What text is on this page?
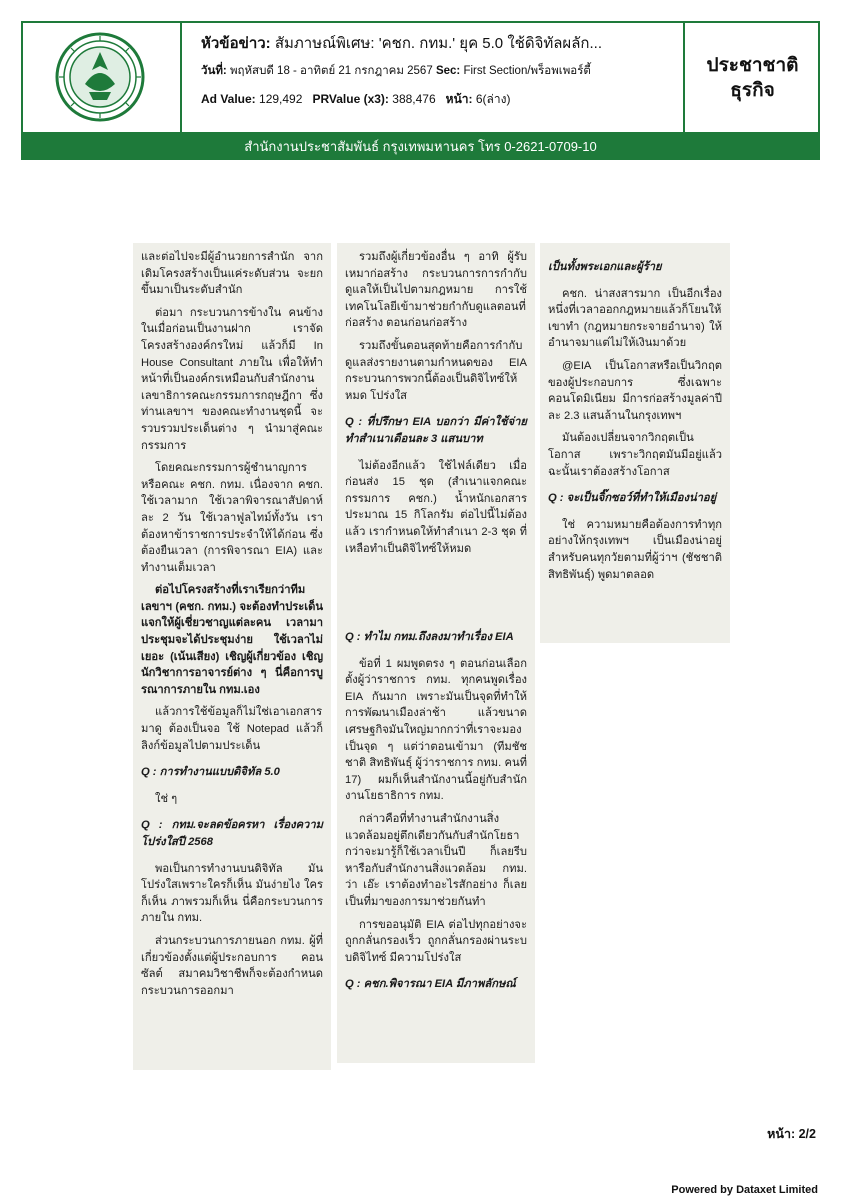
หัวข้อข่าว: สัมภาษณ์พิเศษ: 'คชก. กทม.' ยุค 5.0 ใช้ดิจิทัลผลัก...
วันที่: พฤหัสบดี 18 - อาทิตย์ 21 กรกฎาคม 2567 Sec: First Section/พร็อพเพอร์ตี้
Ad Value: 129,492 PRValue (x3): 388,476 หน้า: 6(ล่าง)
ประชาชาติ
ธุรกิจ
สำนักงานประชาสัมพันธ์ กรุงเทพมหานคร โทร 0-2621-0709-10

และต่อไปจะมีผู้อำนวยการสำนัก จากเดิมโครงสร้างเป็นแค่ระดับส่วน จะยกขึ้นมาเป็นระดับสำนัก

ต่อมา กระบวนการข้างใน คนข้างในเมื่อก่อนเป็นงานฝาก เราจัดโครงสร้างองค์กรใหม่ แล้วก็มี In House Consultant ภายใน เพื่อให้ทำหน้าที่เป็นองค์กรเหมือนกับสำนักงานเลขาธิการคณะกรรมการกฤษฎีกา ซึ่งท่านเลขาฯ ของคณะทำงานชุดนี้ จะรวบรวมประเด็นต่าง ๆ นำมาสู่คณะกรรมการ

โดยคณะกรรมการผู้ชำนาญการ หรือคณะ คชก. กทม. เนื่องจาก คชก. ใช้เวลามาก ใช้เวลาพิจารณาสัปดาห์ละ 2 วัน ใช้เวลาฟูลไทม์ทั้งวัน เราต้องหาข้าราชการประจำให้ได้ก่อน ซึ่งต้องยืนเวลา (การพิจารณา EIA) และทำงานเต็มเวลา

ต่อไปโครงสร้างที่เราเรียกว่าทีมเลขาฯ (คชก. กทม.) จะต้องทำประเด็นแจกให้ผู้เชี่ยวชาญแต่ละคน เวลามาประชุมจะได้ประชุมง่าย ใช้เวลาไม่เยอะ (เน้นเสียง) เชิญผู้เกี่ยวข้อง เชิญนักวิชาการอาจารย์ต่าง ๆ นี่คือการบูรณาการภายใน กทม.เอง

แล้วการใช้ข้อมูลก็ไม่ใช่เอาเอกสารมาดู ต้องเป็นจอ ใช้ Notepad แล้วก็ลิงก์ข้อมูลไปตามประเด็น

Q : การทำงานแบบดิจิทัล 5.0

ใช่ ๆ

Q : กทม.จะลดข้อครหา เรื่องความโปร่งใสปี 2568

พอเป็นการทำงานบนดิจิทัล มันโปร่งใสเพราะใครก็เห็น มันง่ายไง ใครก็เห็น ภาพรวมก็เห็น นี่คือกระบวนการภายใน กทม.

ส่วนกระบวนการภายนอก กทม. ผู้ที่เกี่ยวข้องตั้งแต่ผู้ประกอบการ คอนซัลต์ สมาคมวิชาชีพก็จะต้องกำหนดกระบวนการออกมา

รวมถึงผู้เกี่ยวข้องอื่น ๆ อาทิ ผู้รับเหมาก่อสร้าง กระบวนการการกำกับดูแลให้เป็นไปตามกฎหมาย การใช้เทคโนโลยีเข้ามาช่วยกำกับดูแลตอนที่ก่อสร้าง ตอนก่อนก่อสร้าง

รวมถึงขั้นตอนสุดท้ายคือการกำกับดูแลส่งรายงานตามกำหนดของ EIA กระบวนการพวกนี้ต้องเป็นดิจิไทซ์ให้หมด โปร่งใส

Q : ที่ปรึกษา EIA บอกว่า มีค่าใช้จ่ายทำสำเนาเดือนละ 3 แสนบาท

ไม่ต้องอีกแล้ว ใช้ไฟล์เดียว เมื่อก่อนส่ง 15 ชุด (สำเนาแจกคณะกรรมการ คชก.) น้ำหนักเอกสารประมาณ 15 กิโลกรัม ต่อไปนี้ไม่ต้องแล้ว เรากำหนดให้ทำสำเนา 2-3 ชุด ที่เหลือทำเป็นดิจิไทซ์ให้หมด

Q : ทำไม กทม.ถึงลงมาทำเรื่อง EIA

ข้อที่ 1 ผมพูดตรง ๆ ตอนก่อนเลือกตั้งผู้ว่าราชการ กทม. ทุกคนพูดเรื่อง EIA กันมาก เพราะมันเป็นจุดที่ทำให้การพัฒนาเมืองล่าช้า แล้วขนาดเศรษฐกิจมันใหญ่มากกว่าที่เราจะมองเป็นจุด ๆ แต่ว่าตอนเข้ามา (ทีมชัชชาติ สิทธิพันธุ์ ผู้ว่าราชการ กทม. คนที่ 17) ผมก็เห็นสำนักงานนี้อยู่กับสำนักงานโยธาธิการ กทม.

กล่าวคือที่ทำงานสำนักงานสิ่งแวดล้อมอยู่ตึกเดียวกันกับสำนักโยธา กว่าจะมารู้ก็ใช้เวลาเป็นปี ก็เลยรีบหารือกับสำนักงานสิ่งแวดล้อม กทม. ว่า เอ๊ะ เราต้องทำอะไรสักอย่าง ก็เลยเป็นที่มาของการมาช่วยกันทำ

การขออนุมัติ EIA ต่อไปทุกอย่างจะถูกกลั่นกรองเร็ว ถูกกลั่นกรองผ่านระบบดิจิไทซ์ มีความโปร่งใส

Q : คชก.พิจารณา EIA มีภาพลักษณ์

เป็นทั้งพระเอกและผู้ร้าย

คชก. น่าสงสารมาก เป็นอีกเรื่องหนึ่งที่เวลาออกกฎหมายแล้วก็โยนให้เขาทำ (กฎหมายกระจายอำนาจ) ให้อำนาจมาแต่ไม่ให้เงินมาด้วย

@EIA เป็นโอกาสหรือเป็นวิกฤตของผู้ประกอบการ ซึ่งเฉพาะคอนโดมิเนียม มีการก่อสร้างมูลค่าปีละ 2.3 แสนล้านในกรุงเทพฯ

มันต้องเปลี่ยนจากวิกฤตเป็นโอกาส เพราะวิกฤตมันมีอยู่แล้ว ฉะนั้นเราต้องสร้างโอกาส

Q : จะเป็นจิ๊กซอว์ที่ทำให้เมืองน่าอยู่

ใช่ ความหมายคือต้องการทำทุกอย่างให้กรุงเทพฯ เป็นเมืองน่าอยู่ สำหรับคนทุกวัยตามที่ผู้ว่าฯ (ชัชชาติ สิทธิพันธุ์) พูดมาตลอด

หน้า: 2/2
Powered by Dataxet Limited
